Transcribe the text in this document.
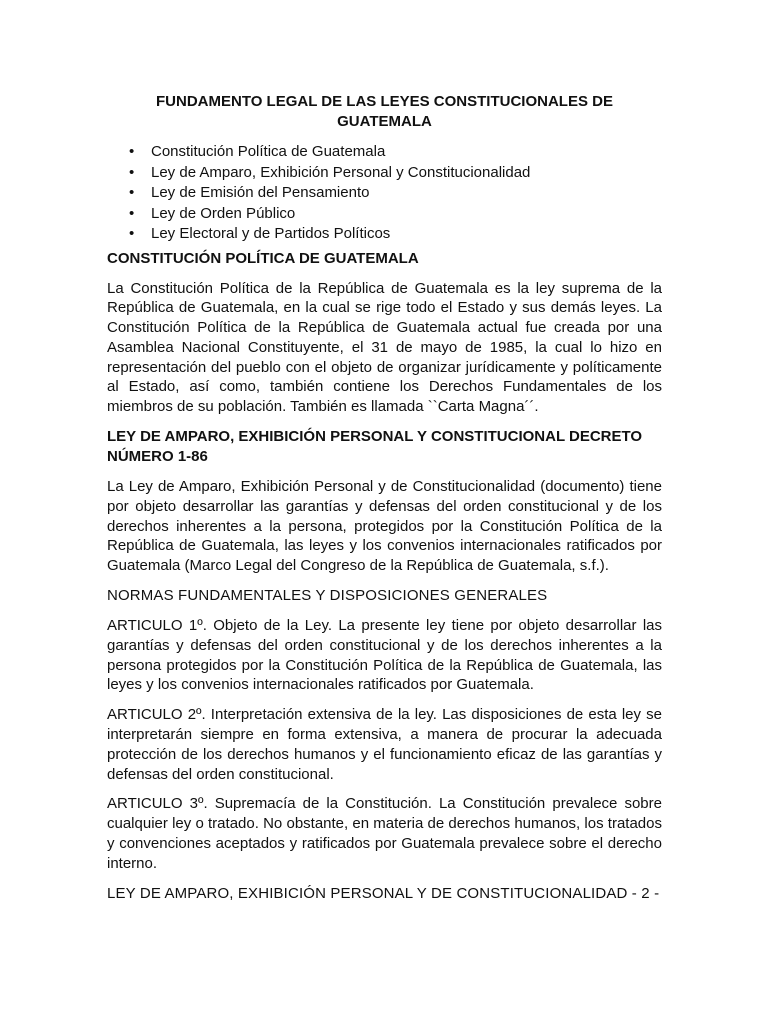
FUNDAMENTO LEGAL DE LAS LEYES CONSTITUCIONALES DE GUATEMALA
• Constitución Política de Guatemala
• Ley de Amparo, Exhibición Personal y Constitucionalidad
• Ley de Emisión del Pensamiento
• Ley de Orden Público
• Ley Electoral y de Partidos Políticos
CONSTITUCIÓN POLÍTICA DE GUATEMALA

La Constitución Política de la República de Guatemala es la ley suprema de la República de Guatemala, en la cual se rige todo el Estado y sus demás leyes. La Constitución Política de la República de Guatemala actual fue creada por una Asamblea Nacional Constituyente, el 31 de mayo de 1985, la cual lo hizo en representación del pueblo con el objeto de organizar jurídicamente y políticamente al Estado, así como, también contiene los Derechos Fundamentales de los miembros de su población. También es llamada ``Carta Magna´´.

LEY DE AMPARO, EXHIBICIÓN PERSONAL Y CONSTITUCIONAL DECRETO NÚMERO 1-86

La Ley de Amparo, Exhibición Personal y de Constitucionalidad (documento) tiene por objeto desarrollar las garantías y defensas del orden constitucional y de los derechos inherentes a la persona, protegidos por la Constitución Política de la República de Guatemala, las leyes y los convenios internacionales ratificados por Guatemala (Marco Legal del Congreso de la República de Guatemala, s.f.).

NORMAS FUNDAMENTALES Y DISPOSICIONES GENERALES

ARTICULO 1º. Objeto de la Ley. La presente ley tiene por objeto desarrollar las garantías y defensas del orden constitucional y de los derechos inherentes a la persona protegidos por la Constitución Política de la República de Guatemala, las leyes y los convenios internacionales ratificados por Guatemala.

ARTICULO 2º. Interpretación extensiva de la ley. Las disposiciones de esta ley se interpretarán siempre en forma extensiva, a manera de procurar la adecuada protección de los derechos humanos y el funcionamiento eficaz de las garantías y defensas del orden constitucional.

ARTICULO 3º. Supremacía de la Constitución. La Constitución prevalece sobre cualquier ley o tratado. No obstante, en materia de derechos humanos, los tratados y convenciones aceptados y ratificados por Guatemala prevalece sobre el derecho interno.

LEY DE AMPARO, EXHIBICIÓN PERSONAL Y DE CONSTITUCIONALIDAD - 2 -
